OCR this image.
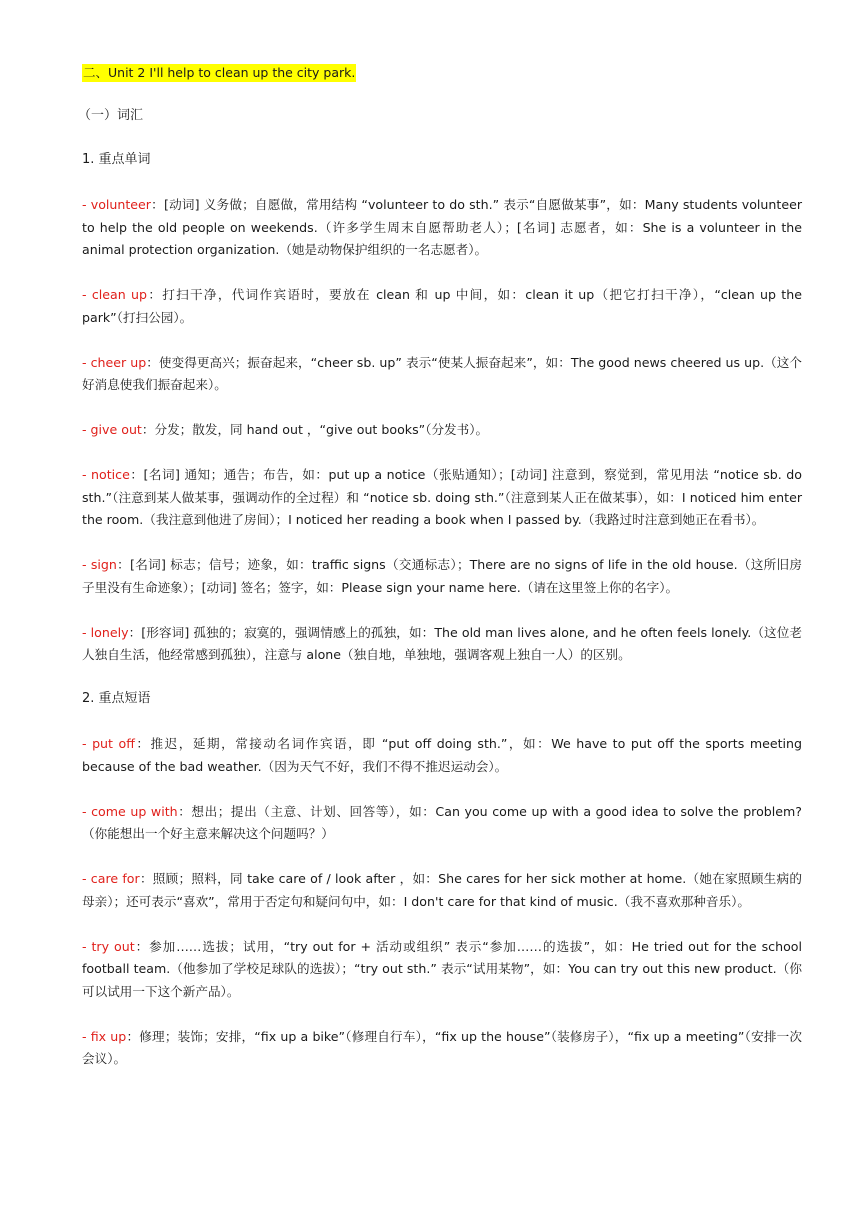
二、Unit 2 I'll help to clean up the city park.
（一）词汇
1. 重点单词
- volunteer：[动词] 义务做；自愿做，常用结构 “volunteer to do sth.” 表示“自愿做某事”，如：Many students volunteer to help the old people on weekends.（许多学生周末自愿帮助老人）；[名词] 志愿者，如：She is a volunteer in the animal protection organization.（她是动物保护组织的一名志愿者）。
- clean up：打扫干净，代词作宾语时，要放在 clean 和 up 中间，如：clean it up（把它打扫干净），“clean up the park”（打扫公园）。
- cheer up：使变得更高兴；振奋起来，“cheer sb. up” 表示“使某人振奋起来”，如：The good news cheered us up.（这个好消息使我们振奋起来）。
- give out：分发；散发，同 hand out ，“give out books”（分发书）。
- notice：[名词] 通知；通告；布告，如：put up a notice（张贴通知）；[动词] 注意到，察觉到，常见用法 “notice sb. do sth.”（注意到某人做某事，强调动作的全过程）和 “notice sb. doing sth.”（注意到某人正在做某事），如：I noticed him enter the room.（我注意到他进了房间）；I noticed her reading a book when I passed by.（我路过时注意到她正在看书）。
- sign：[名词] 标志；信号；迹象，如：traffic signs（交通标志）；There are no signs of life in the old house.（这所旧房子里没有生命迹象）；[动词] 签名；签字，如：Please sign your name here.（请在这里签上你的名字）。
- lonely：[形容词] 孤独的；寂寞的，强调情感上的孤独，如：The old man lives alone, and he often feels lonely.（这位老人独自生活，他经常感到孤独），注意与 alone（独自地，单独地，强调客观上独自一人）的区别。
2. 重点短语
- put off：推迟，延期，常接动名词作宾语，即 “put off doing sth.”，如：We have to put off the sports meeting because of the bad weather.（因为天气不好，我们不得不推迟运动会）。
- come up with：想出；提出（主意、计划、回答等），如：Can you come up with a good idea to solve the problem?（你能想出一个好主意来解决这个问题吗？）
- care for：照顾；照料，同 take care of / look after ，如：She cares for her sick mother at home.（她在家照顾生病的母亲）；还可表示“喜欢”，常用于否定句和疑问句中，如：I don't care for that kind of music.（我不喜欢那种音乐）。
- try out：参加……选拔；试用，“try out for + 活动或组织” 表示“参加……的选拔”，如：He tried out for the school football team.（他参加了学校足球队的选拔）；“try out sth.” 表示“试用某物”，如：You can try out this new product.（你可以试用一下这个新产品）。
- fix up：修理；装饰；安排，“fix up a bike”（修理自行车），“fix up the house”（装修房子），“fix up a meeting”（安排一次会议）。
